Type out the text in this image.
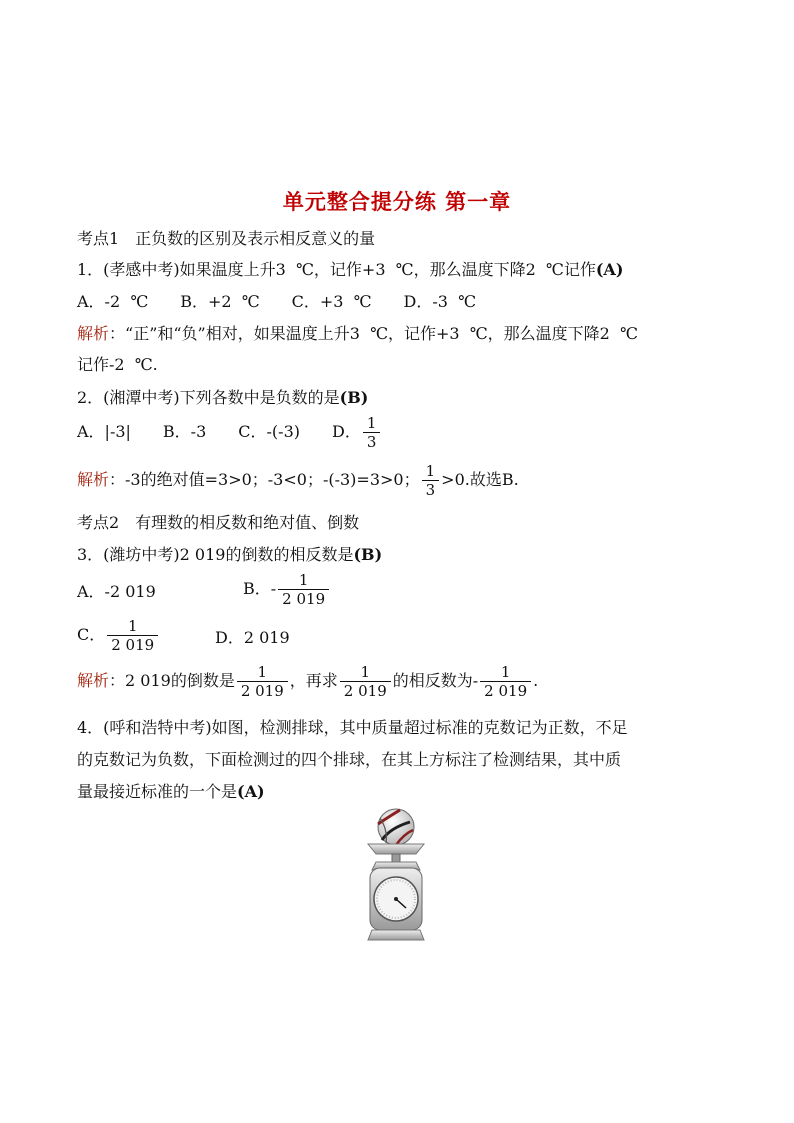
单元整合提分练 第一章
考点1　正负数的区别及表示相反意义的量
1．(孝感中考)如果温度上升3  ℃，记作+3  ℃，那么温度下降2  ℃记作(A)
A．-2  ℃　　B．+2  ℃　　C．+3  ℃　　D．-3  ℃
解析：“正”和“负”相对，如果温度上升3  ℃，记作+3  ℃，那么温度下降2  ℃
记作-2  ℃.
2．(湘潭中考)下列各数中是负数的是(B)
A．|-3|　　B．-3　　C．-(-3)　　D． $\frac{1}{3}$
解析：-3的绝对值=3>0；-3<0；-(-3)=3>0； $\frac{1}{3} >0$.故选B.
考点2　有理数的相反数和绝对值、倒数
3．(潍坊中考)2 019的倒数的相反数是(B)
A．-2 019	B．- $\frac{1}{2 019}$
C． $\frac{1}{2 019}$	D．2 019
解析：2 019的倒数是 $\frac{1}{2 019}$ ，再求 $\frac{1}{2 019}$ 的相反数为- $\frac{1}{2 019}$ .
4．(呼和浩特中考)如图，检测排球，其中质量超过标准的克数记为正数，不足
的克数记为负数，下面检测过的四个排球，在其上方标注了检测结果，其中质
量最接近标准的一个是(A)
